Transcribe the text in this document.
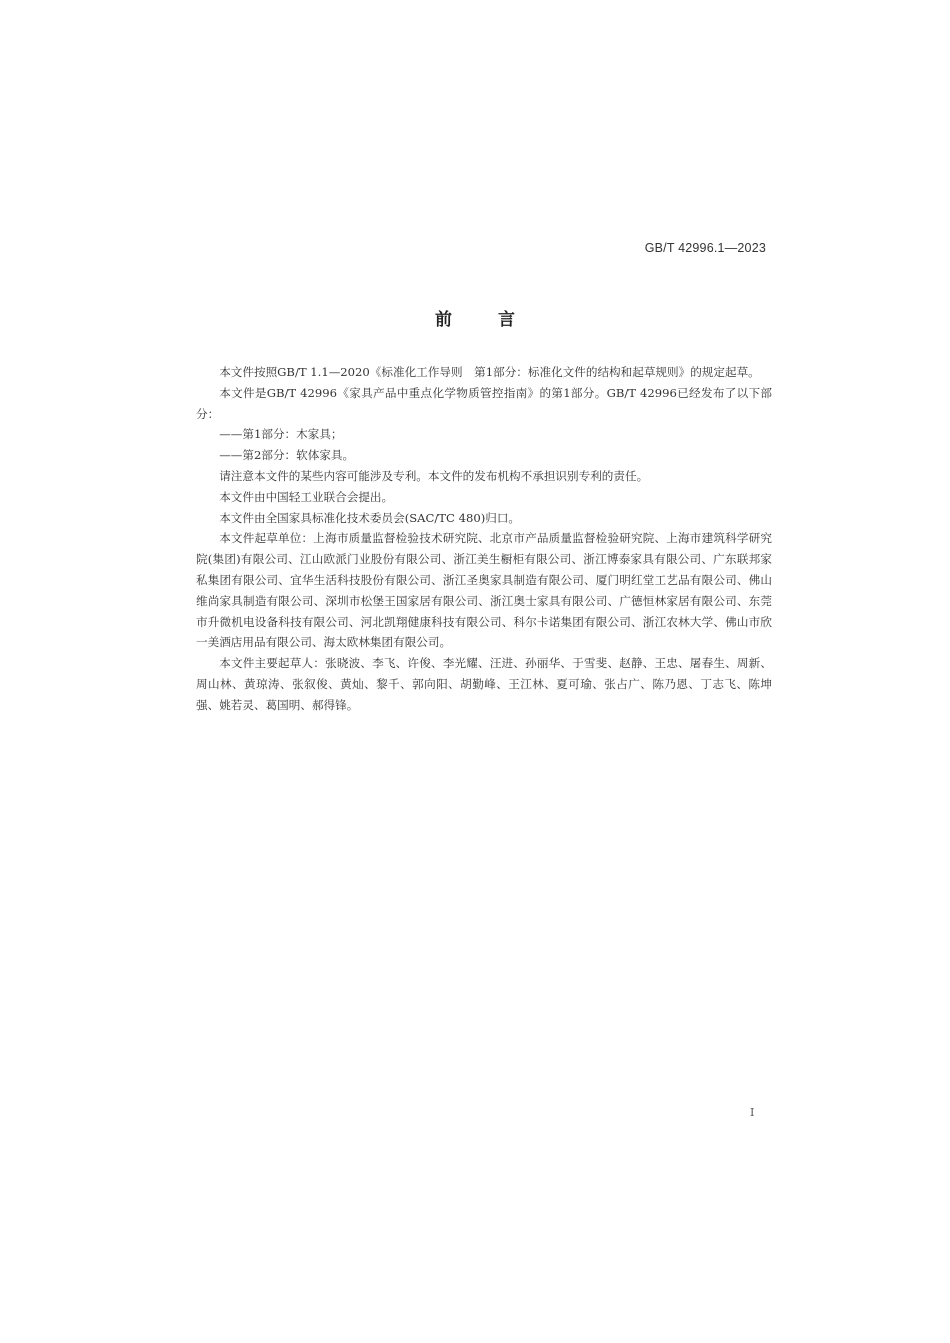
GB/T 42996.1—2023
前言

本文件按照GB/T 1.1—2020《标准化工作导则　第1部分：标准化文件的结构和起草规则》的规定起草。

本文件是GB/T 42996《家具产品中重点化学物质管控指南》的第1部分。GB/T 42996已经发布了以下部分：

——第1部分：木家具；

——第2部分：软体家具。

请注意本文件的某些内容可能涉及专利。本文件的发布机构不承担识别专利的责任。

本文件由中国轻工业联合会提出。

本文件由全国家具标准化技术委员会(SAC/TC 480)归口。

本文件起草单位：上海市质量监督检验技术研究院、北京市产品质量监督检验研究院、上海市建筑科学研究院(集团)有限公司、江山欧派门业股份有限公司、浙江美生橱柜有限公司、浙江博泰家具有限公司、广东联邦家私集团有限公司、宜华生活科技股份有限公司、浙江圣奥家具制造有限公司、厦门明红堂工艺品有限公司、佛山维尚家具制造有限公司、深圳市松堡王国家居有限公司、浙江奥士家具有限公司、广德恒林家居有限公司、东莞市升微机电设备科技有限公司、河北凯翔健康科技有限公司、科尔卡诺集团有限公司、浙江农林大学、佛山市欣一美酒店用品有限公司、海太欧林集团有限公司。

本文件主要起草人：张晓波、李飞、许俊、李光耀、汪进、孙丽华、于雪斐、赵静、王忠、屠春生、周新、周山林、黄琼涛、张叙俊、黄灿、黎千、郭向阳、胡勤峰、王江林、夏可瑜、张占广、陈乃恩、丁志飞、陈坤强、姚若灵、葛国明、郝得锋。

I
